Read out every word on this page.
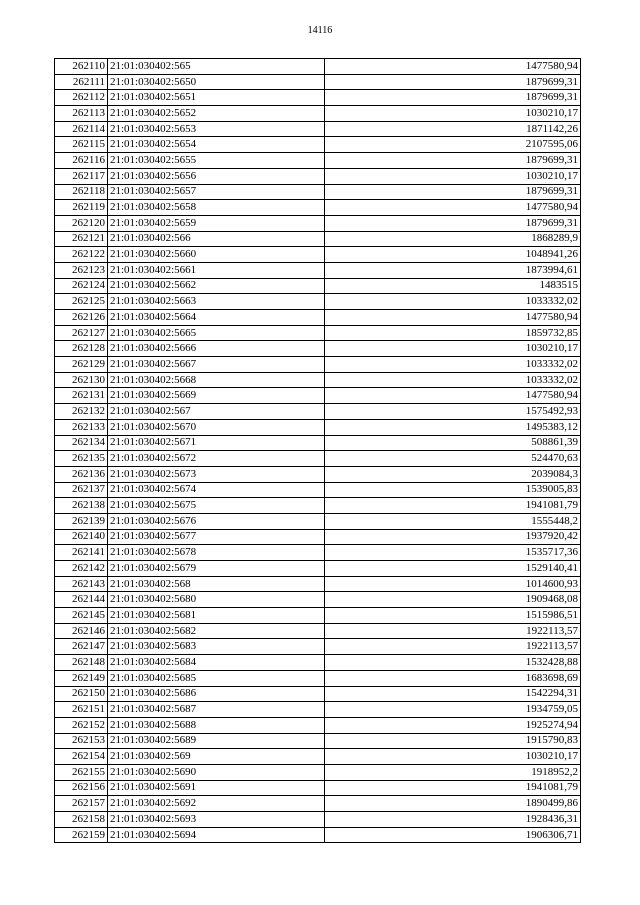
14116
262110	21:01:030402:565	1477580,94
262111	21:01:030402:5650	1879699,31
262112	21:01:030402:5651	1879699,31
262113	21:01:030402:5652	1030210,17
262114	21:01:030402:5653	1871142,26
262115	21:01:030402:5654	2107595,06
262116	21:01:030402:5655	1879699,31
262117	21:01:030402:5656	1030210,17
262118	21:01:030402:5657	1879699,31
262119	21:01:030402:5658	1477580,94
262120	21:01:030402:5659	1879699,31
262121	21:01:030402:566	1868289,9
262122	21:01:030402:5660	1048941,26
262123	21:01:030402:5661	1873994,61
262124	21:01:030402:5662	1483515
262125	21:01:030402:5663	1033332,02
262126	21:01:030402:5664	1477580,94
262127	21:01:030402:5665	1859732,85
262128	21:01:030402:5666	1030210,17
262129	21:01:030402:5667	1033332,02
262130	21:01:030402:5668	1033332,02
262131	21:01:030402:5669	1477580,94
262132	21:01:030402:567	1575492,93
262133	21:01:030402:5670	1495383,12
262134	21:01:030402:5671	508861,39
262135	21:01:030402:5672	524470,63
262136	21:01:030402:5673	2039084,3
262137	21:01:030402:5674	1539005,83
262138	21:01:030402:5675	1941081,79
262139	21:01:030402:5676	1555448,2
262140	21:01:030402:5677	1937920,42
262141	21:01:030402:5678	1535717,36
262142	21:01:030402:5679	1529140,41
262143	21:01:030402:568	1014600,93
262144	21:01:030402:5680	1909468,08
262145	21:01:030402:5681	1515986,51
262146	21:01:030402:5682	1922113,57
262147	21:01:030402:5683	1922113,57
262148	21:01:030402:5684	1532428,88
262149	21:01:030402:5685	1683698,69
262150	21:01:030402:5686	1542294,31
262151	21:01:030402:5687	1934759,05
262152	21:01:030402:5688	1925274,94
262153	21:01:030402:5689	1915790,83
262154	21:01:030402:569	1030210,17
262155	21:01:030402:5690	1918952,2
262156	21:01:030402:5691	1941081,79
262157	21:01:030402:5692	1890499,86
262158	21:01:030402:5693	1928436,31
262159	21:01:030402:5694	1906306,71
